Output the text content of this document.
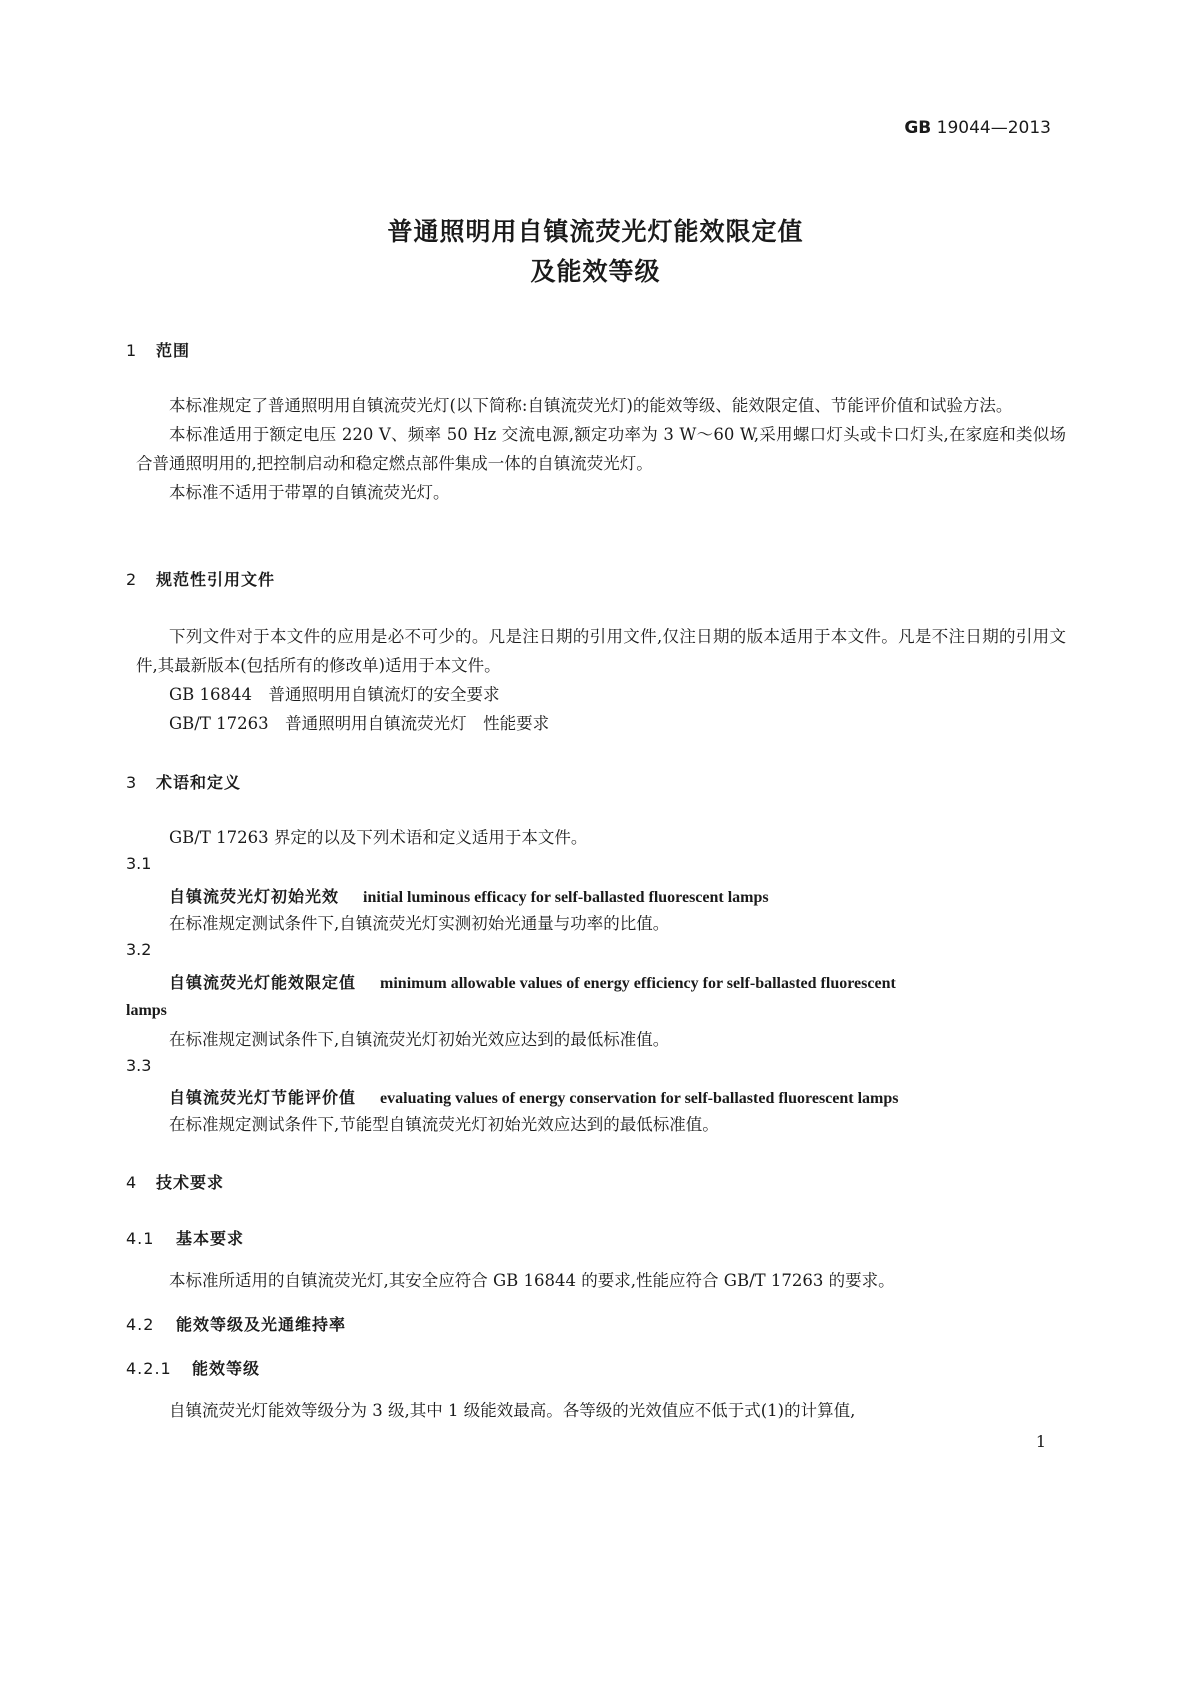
GB 19044—2013
普通照明用自镇流荧光灯能效限定值
及能效等级
1 范围

本标准规定了普通照明用自镇流荧光灯(以下简称:自镇流荧光灯)的能效等级、能效限定值、节能评价值和试验方法。

本标准适用于额定电压 220 V、频率 50 Hz 交流电源,额定功率为 3 W～60 W,采用螺口灯头或卡口灯头,在家庭和类似场合普通照明用的,把控制启动和稳定燃点部件集成一体的自镇流荧光灯。

本标准不适用于带罩的自镇流荧光灯。

2 规范性引用文件

下列文件对于本文件的应用是必不可少的。凡是注日期的引用文件,仅注日期的版本适用于本文件。凡是不注日期的引用文件,其最新版本(包括所有的修改单)适用于本文件。

GB 16844　普通照明用自镇流灯的安全要求

GB/T 17263　普通照明用自镇流荧光灯　性能要求

3 术语和定义
GB/T 17263 界定的以及下列术语和定义适用于本文件。
3.1
自镇流荧光灯初始光效 initial luminous efficacy for self-ballasted fluorescent lamps
在标准规定测试条件下,自镇流荧光灯实测初始光通量与功率的比值。
3.2
自镇流荧光灯能效限定值 minimum allowable values of energy efficiency for self-ballasted fluorescent
lamps
在标准规定测试条件下,自镇流荧光灯初始光效应达到的最低标准值。
3.3
自镇流荧光灯节能评价值 evaluating values of energy conservation for self-ballasted fluorescent lamps
在标准规定测试条件下,节能型自镇流荧光灯初始光效应达到的最低标准值。
4 技术要求
4.1 基本要求
本标准所适用的自镇流荧光灯,其安全应符合 GB 16844 的要求,性能应符合 GB/T 17263 的要求。
4.2 能效等级及光通维持率
4.2.1 能效等级
自镇流荧光灯能效等级分为 3 级,其中 1 级能效最高。各等级的光效值应不低于式(1)的计算值,
1
